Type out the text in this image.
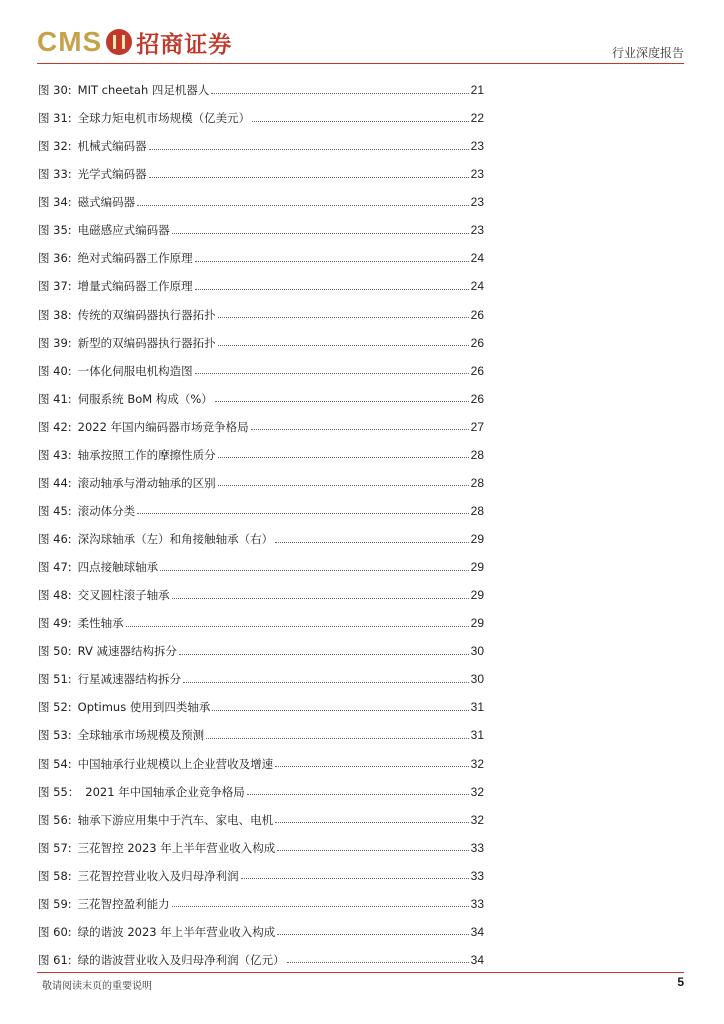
CMS 招商证券	行业深度报告
图 30: MIT cheetah 四足机器人	21
图 31: 全球力矩电机市场规模（亿美元）	22
图 32: 机械式编码器	23
图 33: 光学式编码器	23
图 34: 磁式编码器	23
图 35: 电磁感应式编码器	23
图 36: 绝对式编码器工作原理	24
图 37: 增量式编码器工作原理	24
图 38: 传统的双编码器执行器拓扑	26
图 39: 新型的双编码器执行器拓扑	26
图 40: 一体化伺服电机构造图	26
图 41: 伺服系统 BoM 构成（%）	26
图 42: 2022 年国内编码器市场竞争格局	27
图 43: 轴承按照工作的摩擦性质分	28
图 44: 滚动轴承与滑动轴承的区别	28
图 45: 滚动体分类	28
图 46: 深沟球轴承（左）和角接触轴承（右）	29
图 47: 四点接触球轴承	29
图 48: 交叉圆柱滚子轴承	29
图 49: 柔性轴承	29
图 50: RV 减速器结构拆分	30
图 51: 行星减速器结构拆分	30
图 52: Optimus 使用到四类轴承	31
图 53: 全球轴承市场规模及预测	31
图 54: 中国轴承行业规模以上企业营收及增速	32
图 55： 2021 年中国轴承企业竞争格局	32
图 56: 轴承下游应用集中于汽车、家电、电机	32
图 57: 三花智控 2023 年上半年营业收入构成	33
图 58: 三花智控营业收入及归母净利润	33
图 59: 三花智控盈利能力	33
图 60: 绿的谐波 2023 年上半年营业收入构成	34
图 61: 绿的谐波营业收入及归母净利润（亿元）	34
敬请阅读末页的重要说明	5
